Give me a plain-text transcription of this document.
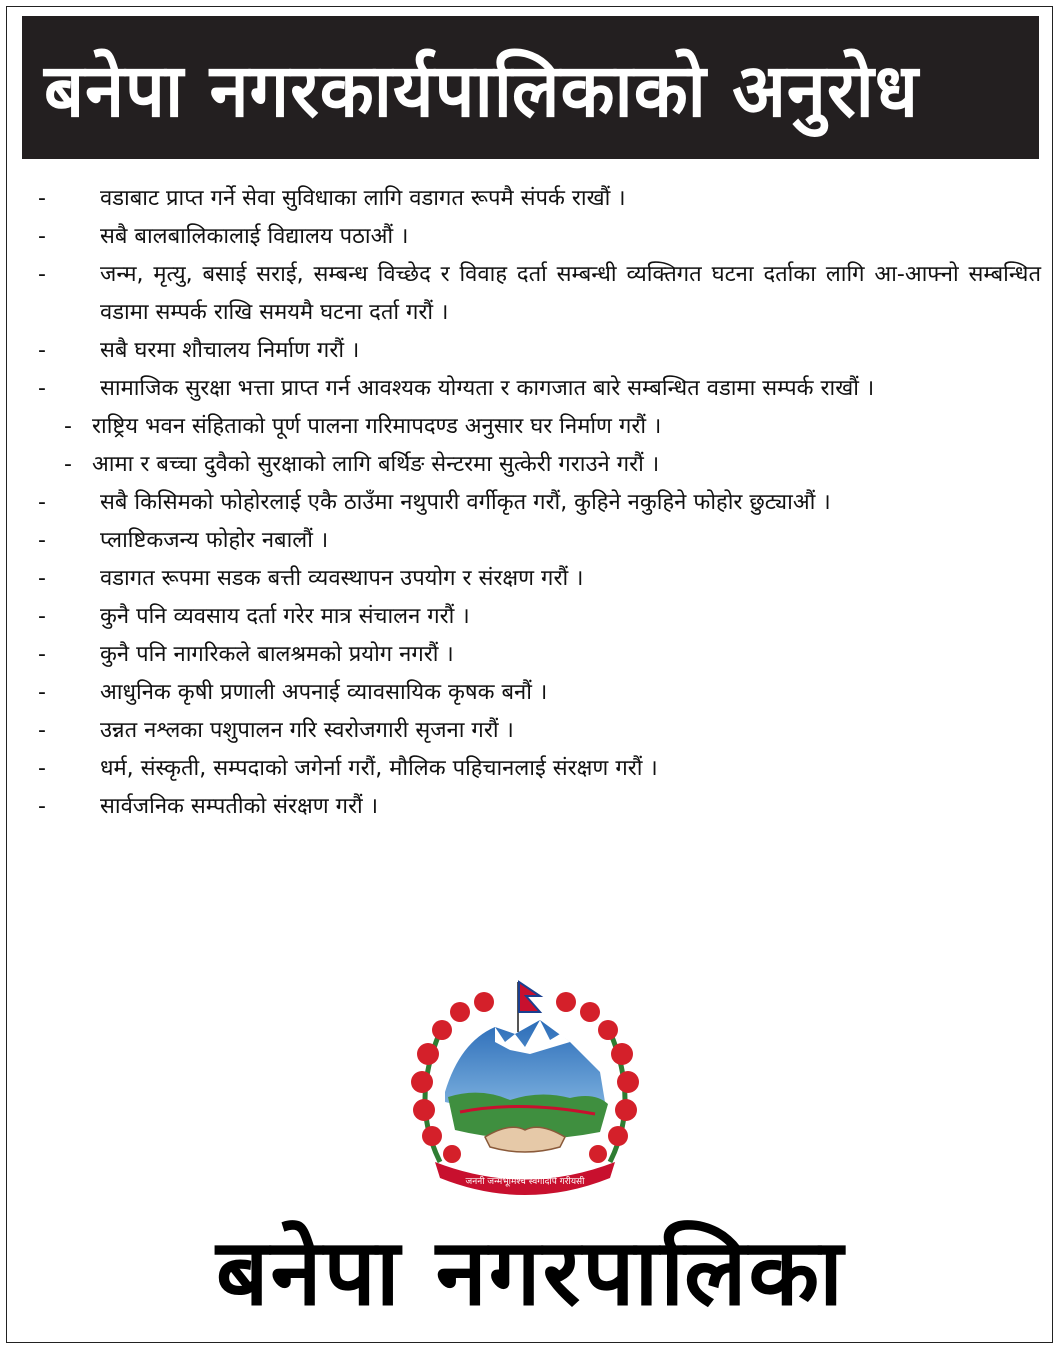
बनेपा नगरकार्यपालिकाको अनुरोध
- वडाबाट प्राप्त गर्ने सेवा सुविधाका लागि वडागत रूपमै संपर्क राखौं ।
- सबै बालबालिकालाई विद्यालय पठाऔं ।
- जन्म, मृत्यु, बसाई सराई, सम्बन्ध विच्छेद र विवाह दर्ता सम्बन्धी व्यक्तिगत घटना दर्ताका लागि आ-आफ्नो सम्बन्धित वडामा सम्पर्क राखि समयमै घटना दर्ता गरौं ।
- सबै घरमा शौचालय निर्माण गरौं ।
- सामाजिक सुरक्षा भत्ता प्राप्त गर्न आवश्यक योग्यता र कागजात बारे सम्बन्धित वडामा सम्पर्क राखौं ।
- राष्ट्रिय भवन संहिताको पूर्ण पालना गरिमापदण्ड अनुसार घर निर्माण गरौं ।
- आमा र बच्चा दुवैको सुरक्षाको लागि बर्थिङ सेन्टरमा सुत्केरी गराउने गरौं ।
- सबै किसिमको फोहोरलाई एकै ठाउँमा नथुपारी वर्गीकृत गरौं, कुहिने नकुहिने फोहोर छुट्याऔं ।
- प्लाष्टिकजन्य फोहोर नबालौं ।
- वडागत रूपमा सडक बत्ती व्यवस्थापन उपयोग र संरक्षण गरौं ।
- कुनै पनि व्यवसाय दर्ता गरेर मात्र संचालन गरौं ।
- कुनै पनि नागरिकले बालश्रमको प्रयोग नगरौं ।
- आधुनिक कृषी प्रणाली अपनाई व्यावसायिक कृषक बनौं ।
- उन्नत नश्लका पशुपालन गरि स्वरोजगारी सृजना गरौं ।
- धर्म, संस्कृती, सम्पदाको जगेर्ना गरौं, मौलिक पहिचानलाई संरक्षण गरौं ।
- सार्वजनिक सम्पतीको संरक्षण गरौं ।
जननी जन्मभूमिश्च स्वर्गादपि गरीयसी
बनेपा नगरपालिका
